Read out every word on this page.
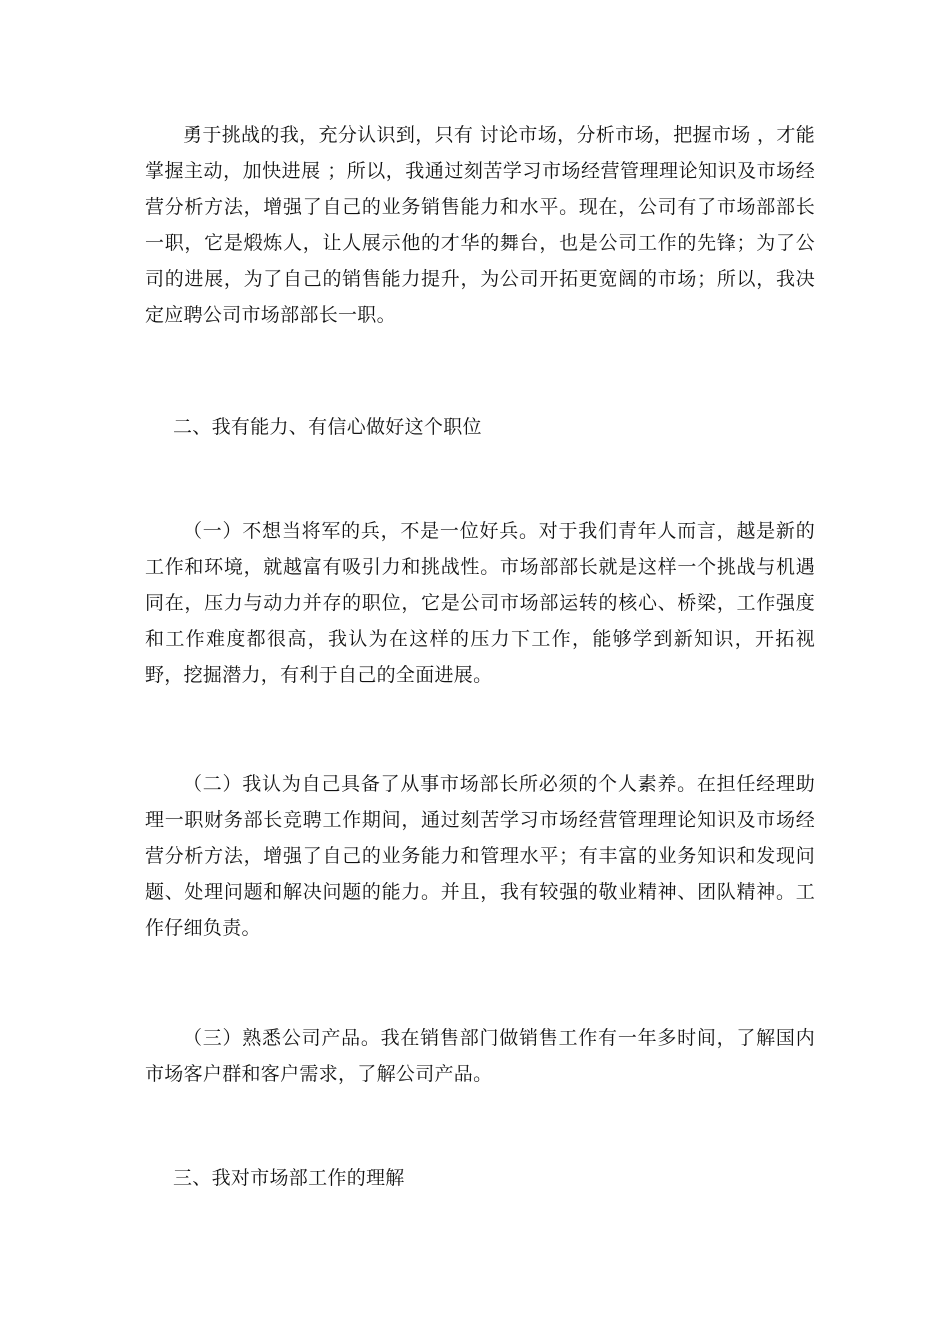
勇于挑战的我，充分认识到，只有 讨论市场，分析市场，把握市场 ，才能掌握主动，加快进展 ；所以，我通过刻苦学习市场经营管理理论知识及市场经营分析方法，增强了自己的业务销售能力和水平。现在，公司有了市场部部长一职，它是煅炼人，让人展示他的才华的舞台，也是公司工作的先锋；为了公司的进展，为了自己的销售能力提升，为公司开拓更宽阔的市场；所以，我决定应聘公司市场部部长一职。

二、我有能力、有信心做好这个职位

（一）不想当将军的兵，不是一位好兵。对于我们青年人而言，越是新的工作和环境，就越富有吸引力和挑战性。市场部部长就是这样一个挑战与机遇同在，压力与动力并存的职位，它是公司市场部运转的核心、桥梁，工作强度和工作难度都很高，我认为在这样的压力下工作，能够学到新知识，开拓视野，挖掘潜力，有利于自己的全面进展。

（二）我认为自己具备了从事市场部长所必须的个人素养。在担任经理助理一职财务部长竞聘工作期间，通过刻苦学习市场经营管理理论知识及市场经营分析方法，增强了自己的业务能力和管理水平；有丰富的业务知识和发现问题、处理问题和解决问题的能力。并且，我有较强的敬业精神、团队精神。工作仔细负责。

（三）熟悉公司产品。我在销售部门做销售工作有一年多时间，了解国内市场客户群和客户需求，了解公司产品。

三、我对市场部工作的理解
